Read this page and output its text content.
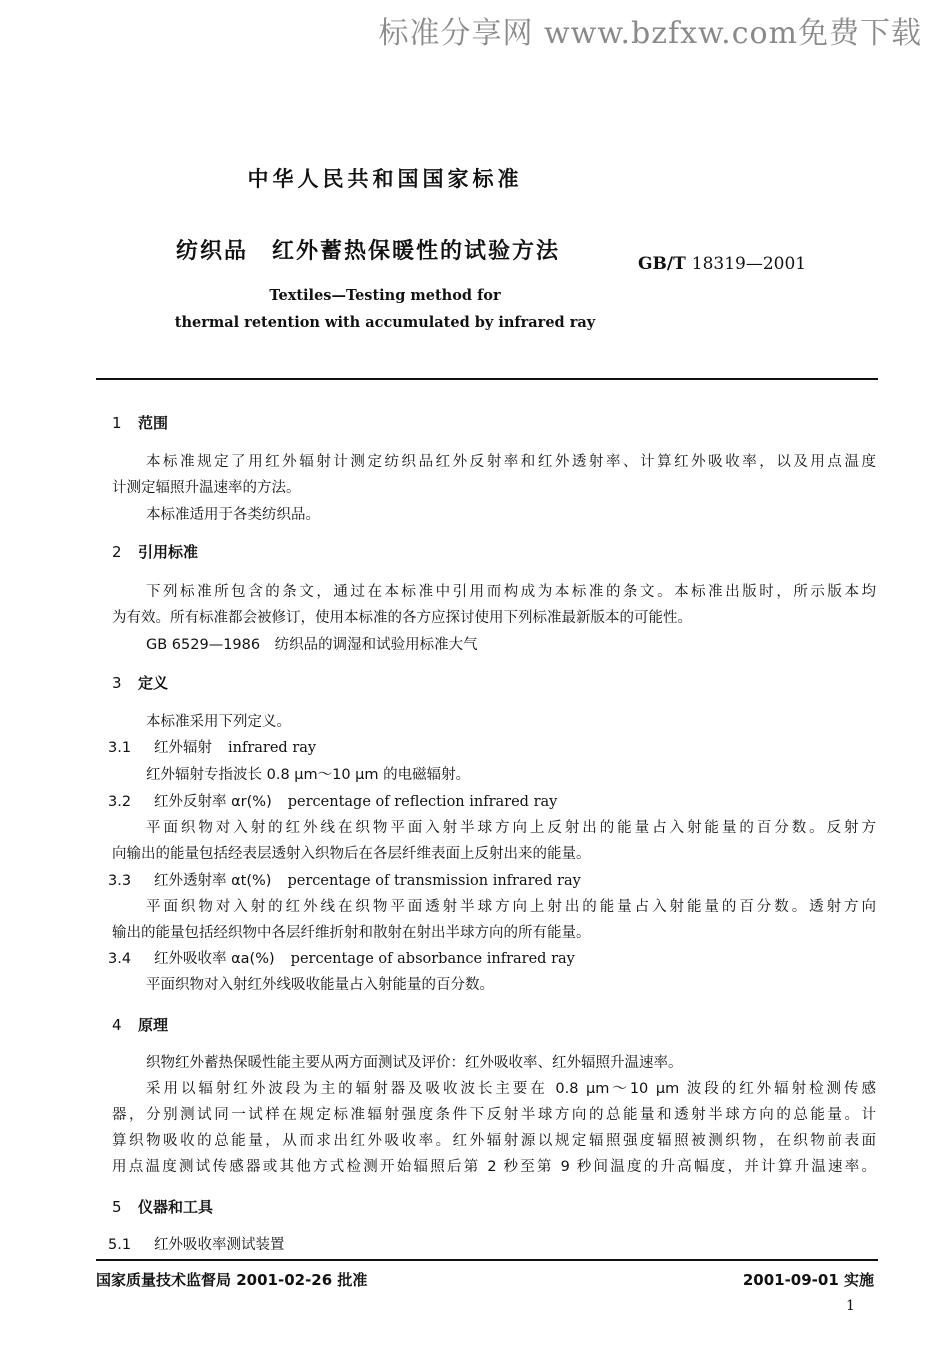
标准分享网 www.bzfxw.com免费下载
中华人民共和国国家标准
纺织品 红外蓄热保暖性的试验方法	GB/T 18319—2001
Textiles—Testing method for
thermal retention with accumulated by infrared ray
1 范围
本标准规定了用红外辐射计测定纺织品红外反射率和红外透射率、计算红外吸收率，以及用点温度
计测定辐照升温速率的方法。
本标准适用于各类纺织品。
2 引用标准
下列标准所包含的条文，通过在本标准中引用而构成为本标准的条文。本标准出版时，所示版本均
为有效。所有标准都会被修订，使用本标准的各方应探讨使用下列标准最新版本的可能性。
GB 6529—1986　纺织品的调湿和试验用标准大气
3 定义
本标准采用下列定义。
3.1 红外辐射 infrared ray
红外辐射专指波长 0.8 μm～10 μm 的电磁辐射。
3.2 红外反射率 αr(%) percentage of reflection infrared ray
平面织物对入射的红外线在织物平面入射半球方向上反射出的能量占入射能量的百分数。反射方
向输出的能量包括经表层透射入织物后在各层纤维表面上反射出来的能量。
3.3 红外透射率 αt(%) percentage of transmission infrared ray
平面织物对入射的红外线在织物平面透射半球方向上射出的能量占入射能量的百分数。透射方向
输出的能量包括经织物中各层纤维折射和散射在射出半球方向的所有能量。
3.4 红外吸收率 αa(%) percentage of absorbance infrared ray
平面织物对入射红外线吸收能量占入射能量的百分数。
4 原理
织物红外蓄热保暖性能主要从两方面测试及评价：红外吸收率、红外辐照升温速率。
采用以辐射红外波段为主的辐射器及吸收波长主要在 0.8 μm～10 μm 波段的红外辐射检测传感
器，分别测试同一试样在规定标准辐射强度条件下反射半球方向的总能量和透射半球方向的总能量。计
算织物吸收的总能量，从而求出红外吸收率。红外辐射源以规定辐照强度辐照被测织物，在织物前表面
用点温度测试传感器或其他方式检测开始辐照后第 2 秒至第 9 秒间温度的升高幅度，并计算升温速率。
5 仪器和工具
5.1 红外吸收率测试装置
国家质量技术监督局 2001-02-26 批准	2001-09-01 实施
1
